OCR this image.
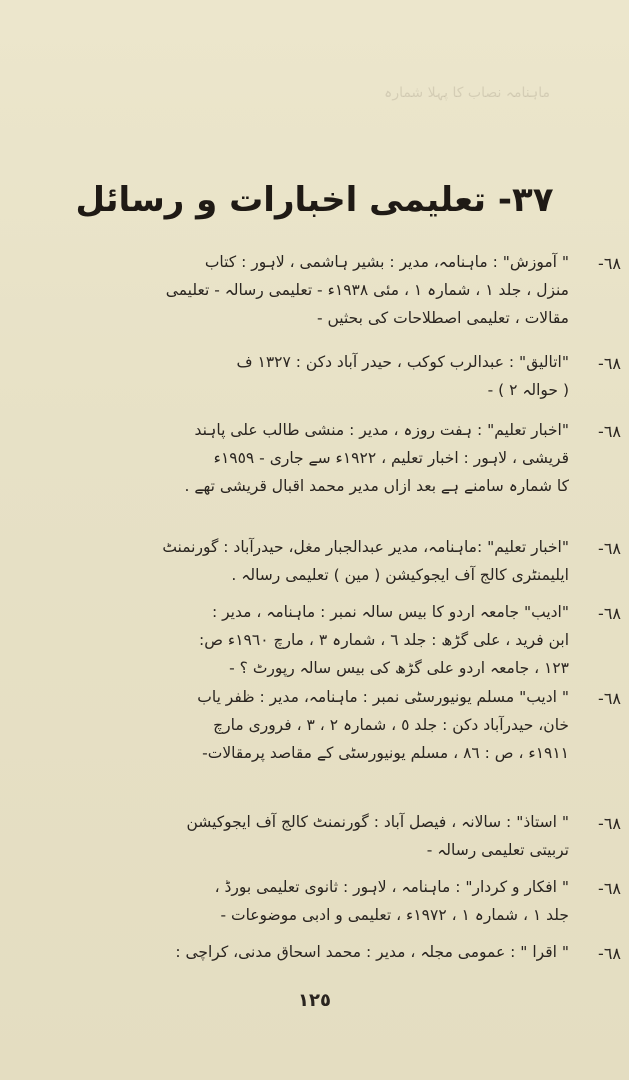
ماہنامہ نصاب کا پہلا شمارہ
٣٧- تعلیمی اخبارات و رسائل
-٦٨
" آموزش" : ماہنامہ، مدیر : بشیر ہاشمی ، لاہور : کتاب
منزل ، جلد ١ ، شمارہ ١ ، مئی ١٩٣٨ء - تعلیمی رسالہ - تعلیمی
مقالات ، تعلیمی اصطلاحات کی بحثیں -
-٦٨
"اتالیق" : عبدالرب کوکب ، حیدر آباد دکن : ١٣٢٧ ف
( حوالہ ٢ ) -
-٦٨
"اخبار تعلیم" : ہفت روزہ ، مدیر : منشی طالب علی پاہند
قریشی ، لاہور : اخبار تعلیم ، ١٩٢٢ء سے جاری - ١٩٥٩ء
کا شمارہ سامنے ہے بعد ازاں مدیر محمد اقبال قریشی تھے .
-٦٨
"اخبار تعلیم" :ماہنامہ، مدیر عبدالجبار مغل، حیدرآباد : گورنمنٹ
ایلیمنٹری کالج آف ایجوکیشن ( مین ) تعلیمی رسالہ .
-٦٨
"ادیب" جامعہ اردو کا بیس سالہ نمبر : ماہنامہ ، مدیر :
ابن فرید ، علی گڑھ : جلد ٦ ، شمارہ ٣ ، مارچ ١٩٦٠ء ص:
١٢٣ ، جامعہ اردو علی گڑھ کی بیس سالہ رپورٹ ؟ -
-٦٨
" ادیب" مسلم یونیورسٹی نمبر : ماہنامہ، مدیر : ظفر یاب
خان، حیدرآباد دکن : جلد ٥ ، شمارہ ٢ ، ٣ ، فروری مارچ
١٩١١ء ، ص : ٨٦ ، مسلم یونیورسٹی کے مقاصد پرمقالات-
-٦٨
" استاذ" : سالانہ ، فیصل آباد : گورنمنٹ کالج آف ایجوکیشن
تربیتی تعلیمی رسالہ -
-٦٨
" افکار و کردار" : ماہنامہ ، لاہور : ثانوی تعلیمی بورڈ ،
جلد ١ ، شمارہ ١ ، ١٩٧٢ء ، تعلیمی و ادبی موضوعات -
-٦٨
" اقرا " : عمومی مجلہ ، مدیر : محمد اسحاق مدنی، کراچی :
١٢٥
